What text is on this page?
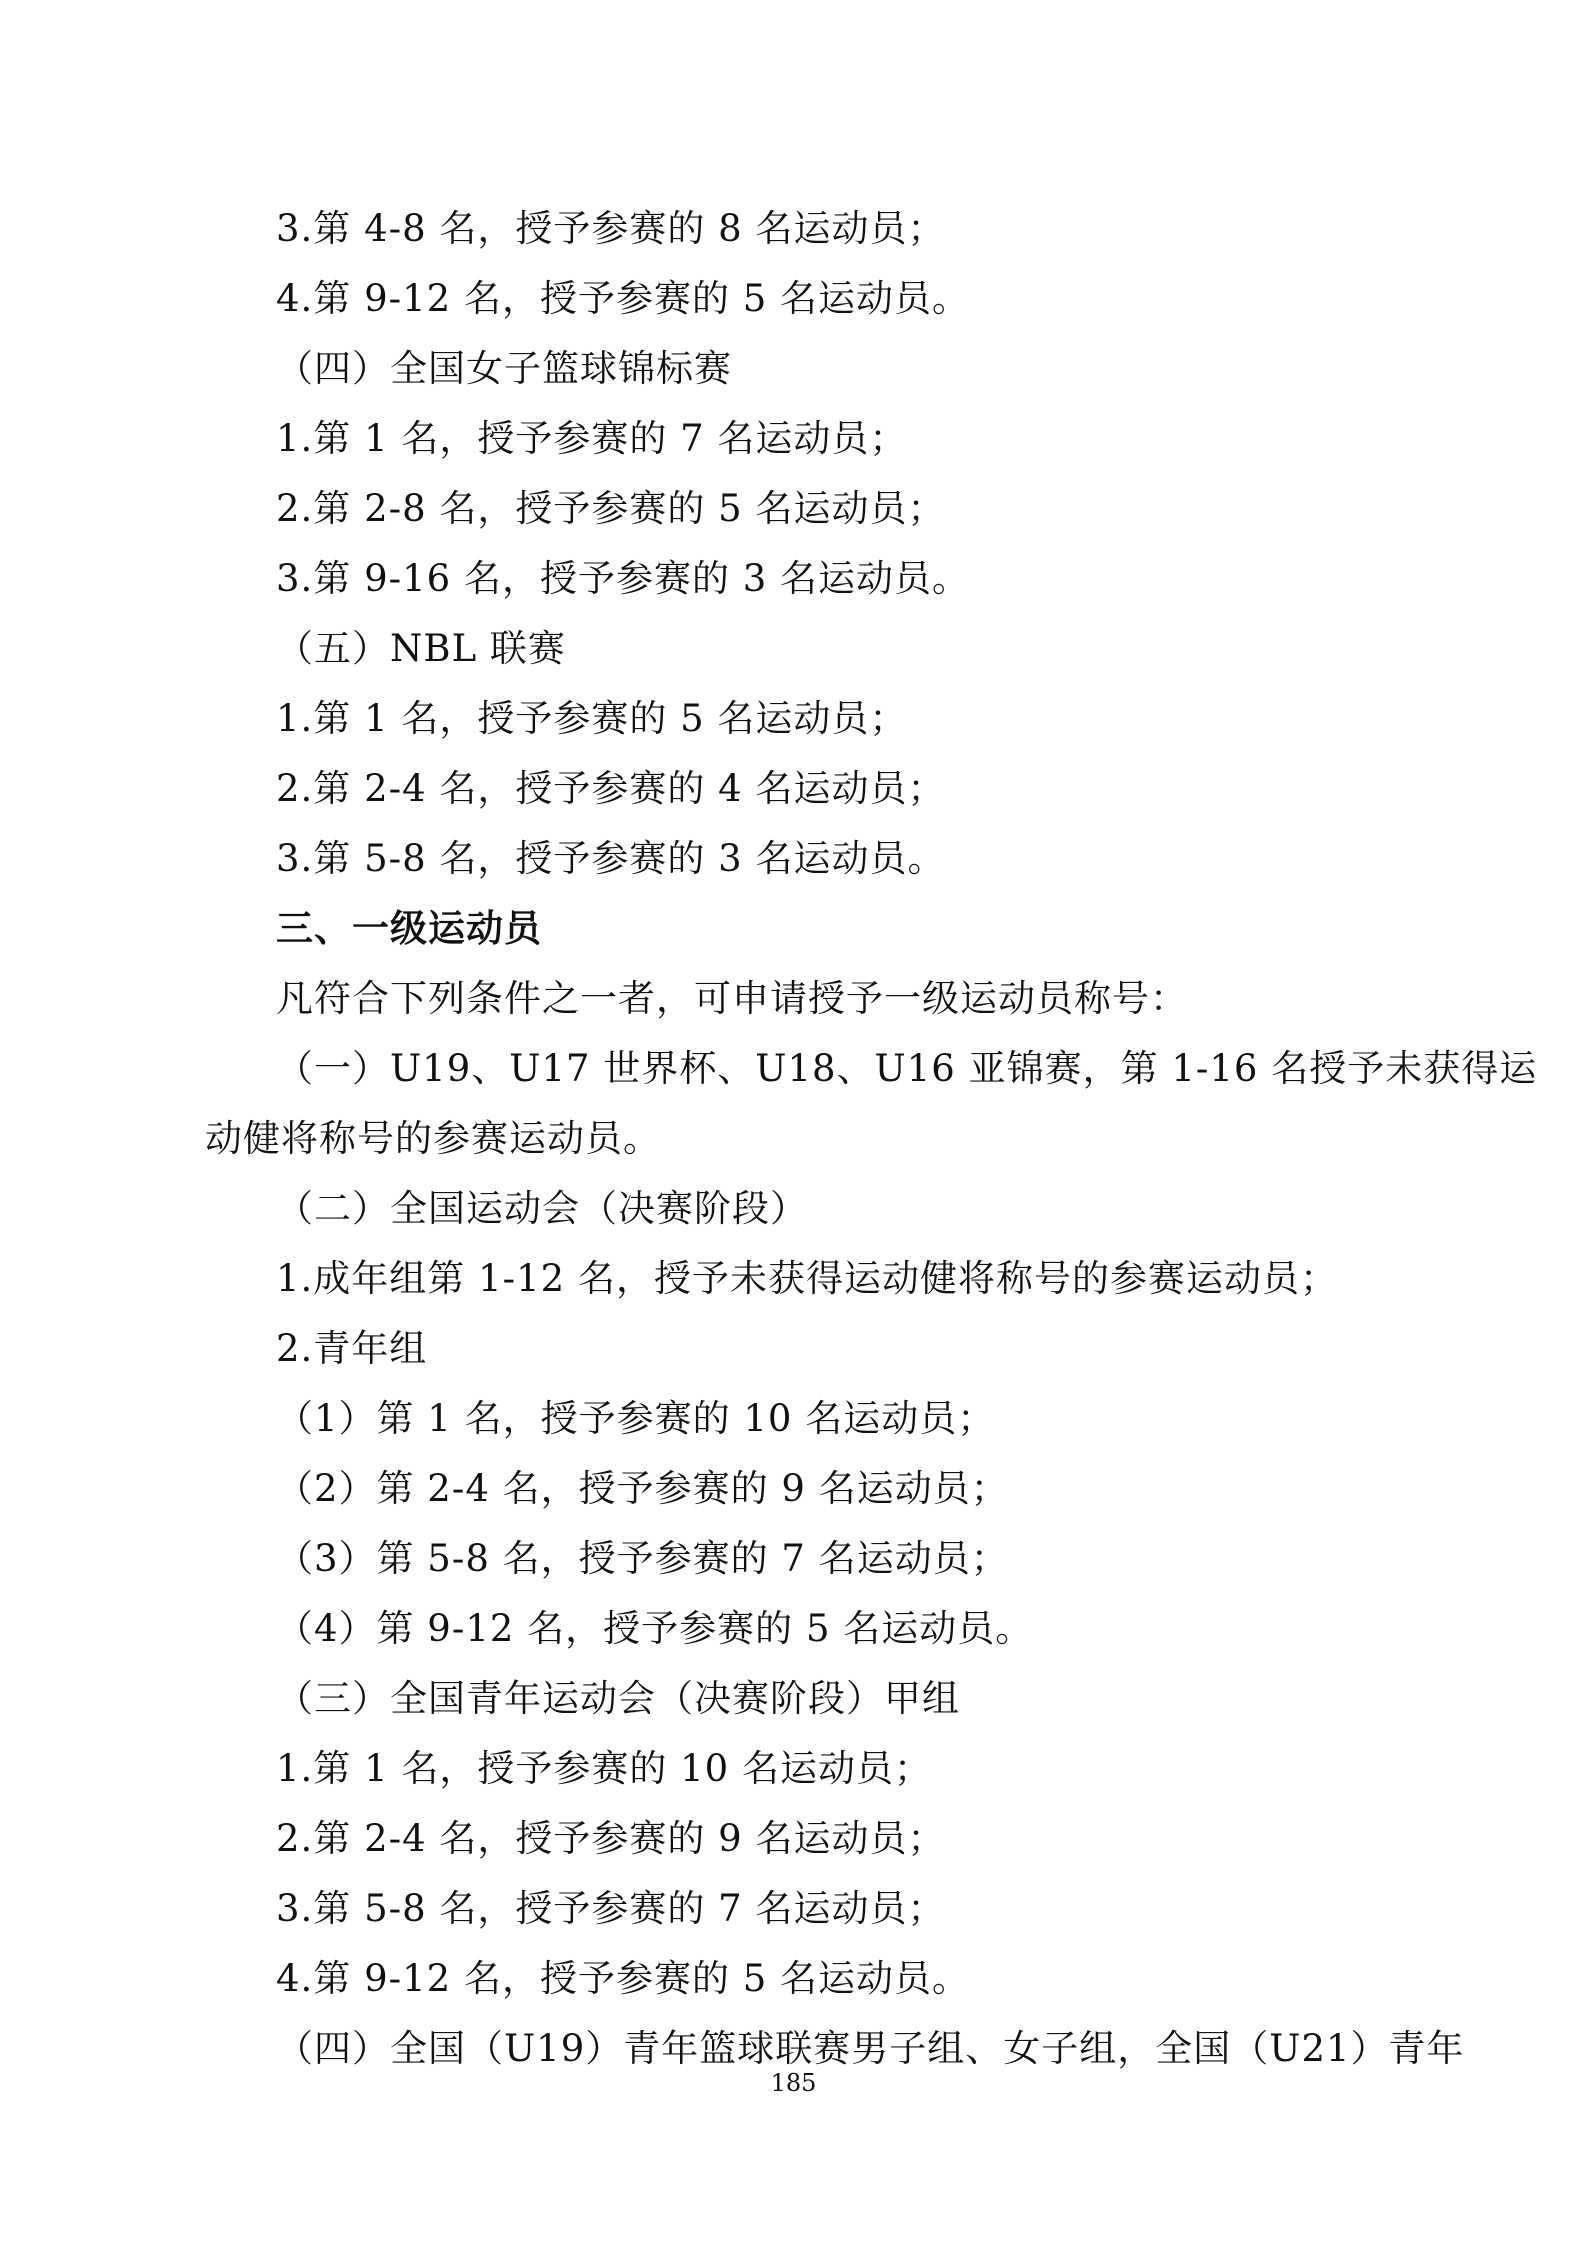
3.第 4-8 名，授予参赛的 8 名运动员；
4.第 9-12 名，授予参赛的 5 名运动员。
（四）全国女子篮球锦标赛
1.第 1 名，授予参赛的 7 名运动员；
2.第 2-8 名，授予参赛的 5 名运动员；
3.第 9-16 名，授予参赛的 3 名运动员。
（五）NBL 联赛
1.第 1 名，授予参赛的 5 名运动员；
2.第 2-4 名，授予参赛的 4 名运动员；
3.第 5-8 名，授予参赛的 3 名运动员。
三、一级运动员
凡符合下列条件之一者，可申请授予一级运动员称号：
（一）U19、U17 世界杯、U18、U16 亚锦赛，第 1-16 名授予未获得运
动健将称号的参赛运动员。
（二）全国运动会（决赛阶段）
1.成年组第 1-12 名，授予未获得运动健将称号的参赛运动员；
2.青年组
（1）第 1 名，授予参赛的 10 名运动员；
（2）第 2-4 名，授予参赛的 9 名运动员；
（3）第 5-8 名，授予参赛的 7 名运动员；
（4）第 9-12 名，授予参赛的 5 名运动员。
（三）全国青年运动会（决赛阶段）甲组
1.第 1 名，授予参赛的 10 名运动员；
2.第 2-4 名，授予参赛的 9 名运动员；
3.第 5-8 名，授予参赛的 7 名运动员；
4.第 9-12 名，授予参赛的 5 名运动员。
（四）全国（U19）青年篮球联赛男子组、女子组，全国（U21）青年
185
